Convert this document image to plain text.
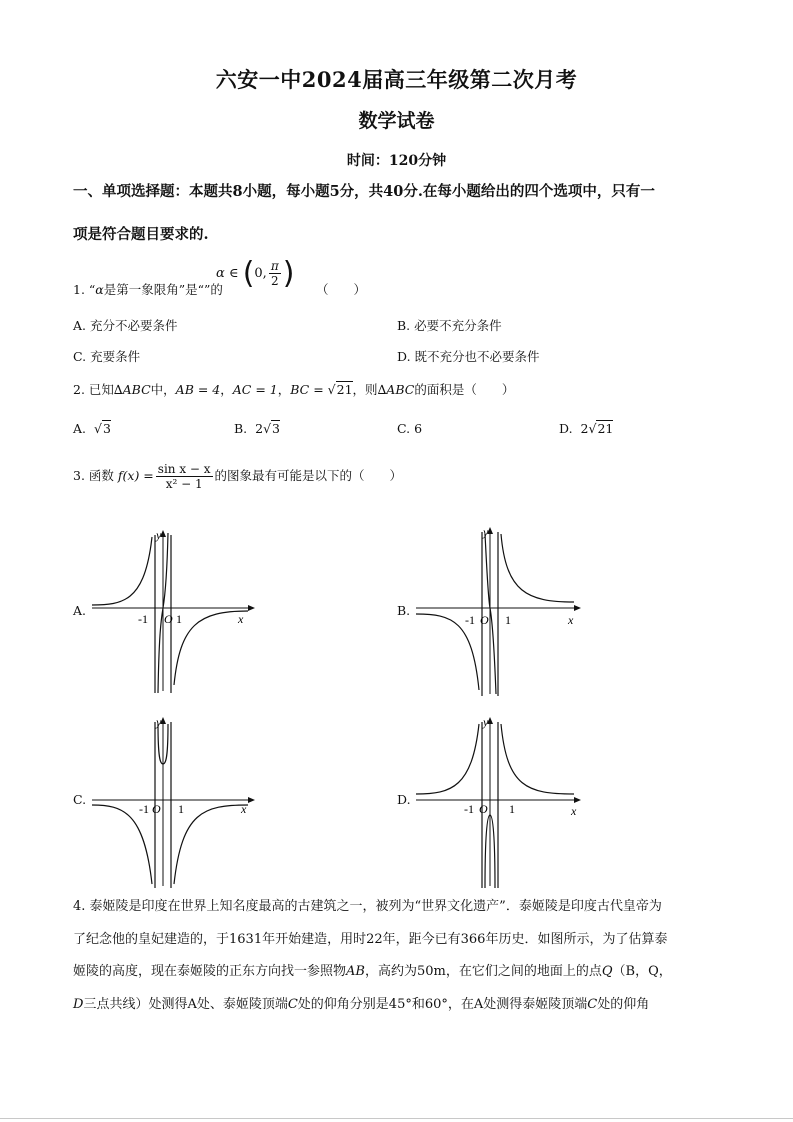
六安一中2024届高三年级第二次月考
数学试卷
时间：120分钟
一、单项选择题：本题共8小题，每小题5分，共40分.在每小题给出的四个选项中，只有一
项是符合题目要求的.
1. “α是第一象限角”是“”的
α ∈ (0, $\frac{\pi}{2}$ ) （　　）
A. 充分不必要条件	B. 必要不充分条件
C. 充要条件	D. 既不充分也不必要条件
2. 已知∆ABC中，AB = 4，AC = 1，BC = √21，则∆ABC的面积是（　　）
A. √3	B. 2√3	C. 6	D. 2√21
3. 函数 $f(x) = \frac{\text{sin x − x}}{\text{x² − 1}}$ 的图象最有可能是以下的（　　）
A.
y
x
-1 O 1
B.
y
x
-1 O 1
C.
y
x
-1 O 1
D.
y
x
-1 O 1
4. 泰姬陵是印度在世界上知名度最高的古建筑之一，被列为“世界文化遗产”．泰姬陵是印度古代皇帝为
了纪念他的皇妃建造的，于1631年开始建造，用时22年，距今已有366年历史．如图所示，为了估算泰
姬陵的高度，现在泰姬陵的正东方向找一参照物AB，高约为50m，在它们之间的地面上的点Q（B，Q，
D三点共线）处测得A处、泰姬陵顶端C处的仰角分别是45°和60°，在A处测得泰姬陵顶端C处的仰角
